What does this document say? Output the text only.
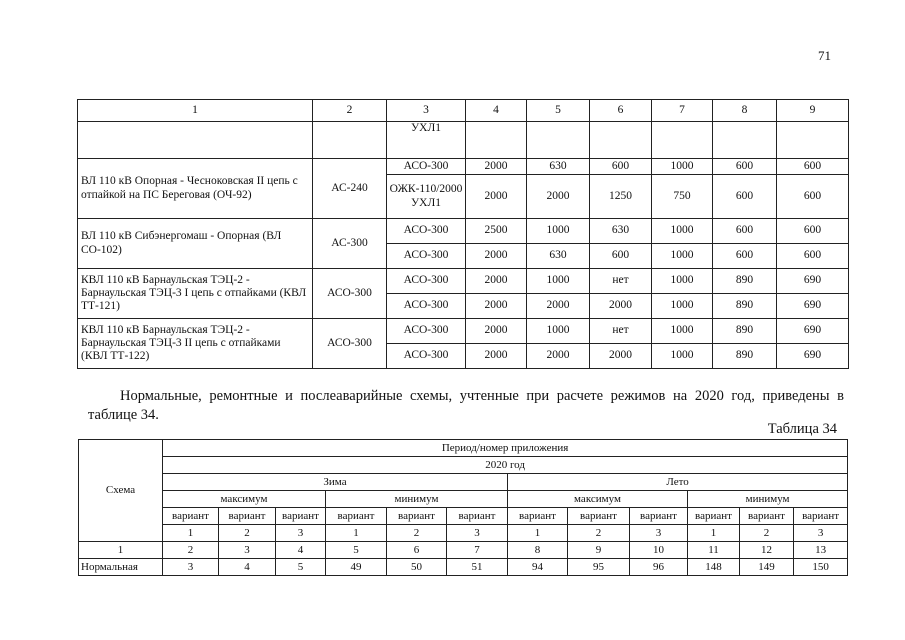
71
1	2	3	4	5	6	7	8	9
		УХЛ1						
ВЛ 110 кВ Опорная - Чесноковская II цепь с отпайкой на ПС Береговая (ОЧ-92)	АС-240	АСО-300	2000	630	600	1000	600	600
		ОЖК-110/2000 УХЛ1	2000	2000	1250	750	600	600
ВЛ 110 кВ Сибэнергомаш - Опорная (ВЛ СО-102)	АС-300	АСО-300	2500	1000	630	1000	600	600
		АСО-300	2000	630	600	1000	600	600
КВЛ 110 кВ Барнаульская ТЭЦ-2 - Барнаульская ТЭЦ-3 I цепь с отпайками (КВЛ ТТ-121)	АСО-300	АСО-300	2000	1000	нет	1000	890	690
		АСО-300	2000	2000	2000	1000	890	690
КВЛ 110 кВ Барнаульская ТЭЦ-2 - Барнаульская ТЭЦ-3 II цепь с отпайками (КВЛ ТТ-122)	АСО-300	АСО-300	2000	1000	нет	1000	890	690
		АСО-300	2000	2000	2000	1000	890	690
Нормальные, ремонтные и послеаварийные схемы, учтенные при расчете режимов на 2020 год, приведены в
таблице 34.
Таблица 34
Схема	Период/номер приложения											
	2020 год											
	Зима						Лето					
	максимум			минимум			максимум			минимум		
	вариант	вариант	вариант	вариант	вариант	вариант	вариант	вариант	вариант	вариант	вариант	вариант
	1	2	3	1	2	3	1	2	3	1	2	3
1	2	3	4	5	6	7	8	9	10	11	12	13
Нормальная	3	4	5	49	50	51	94	95	96	148	149	150
